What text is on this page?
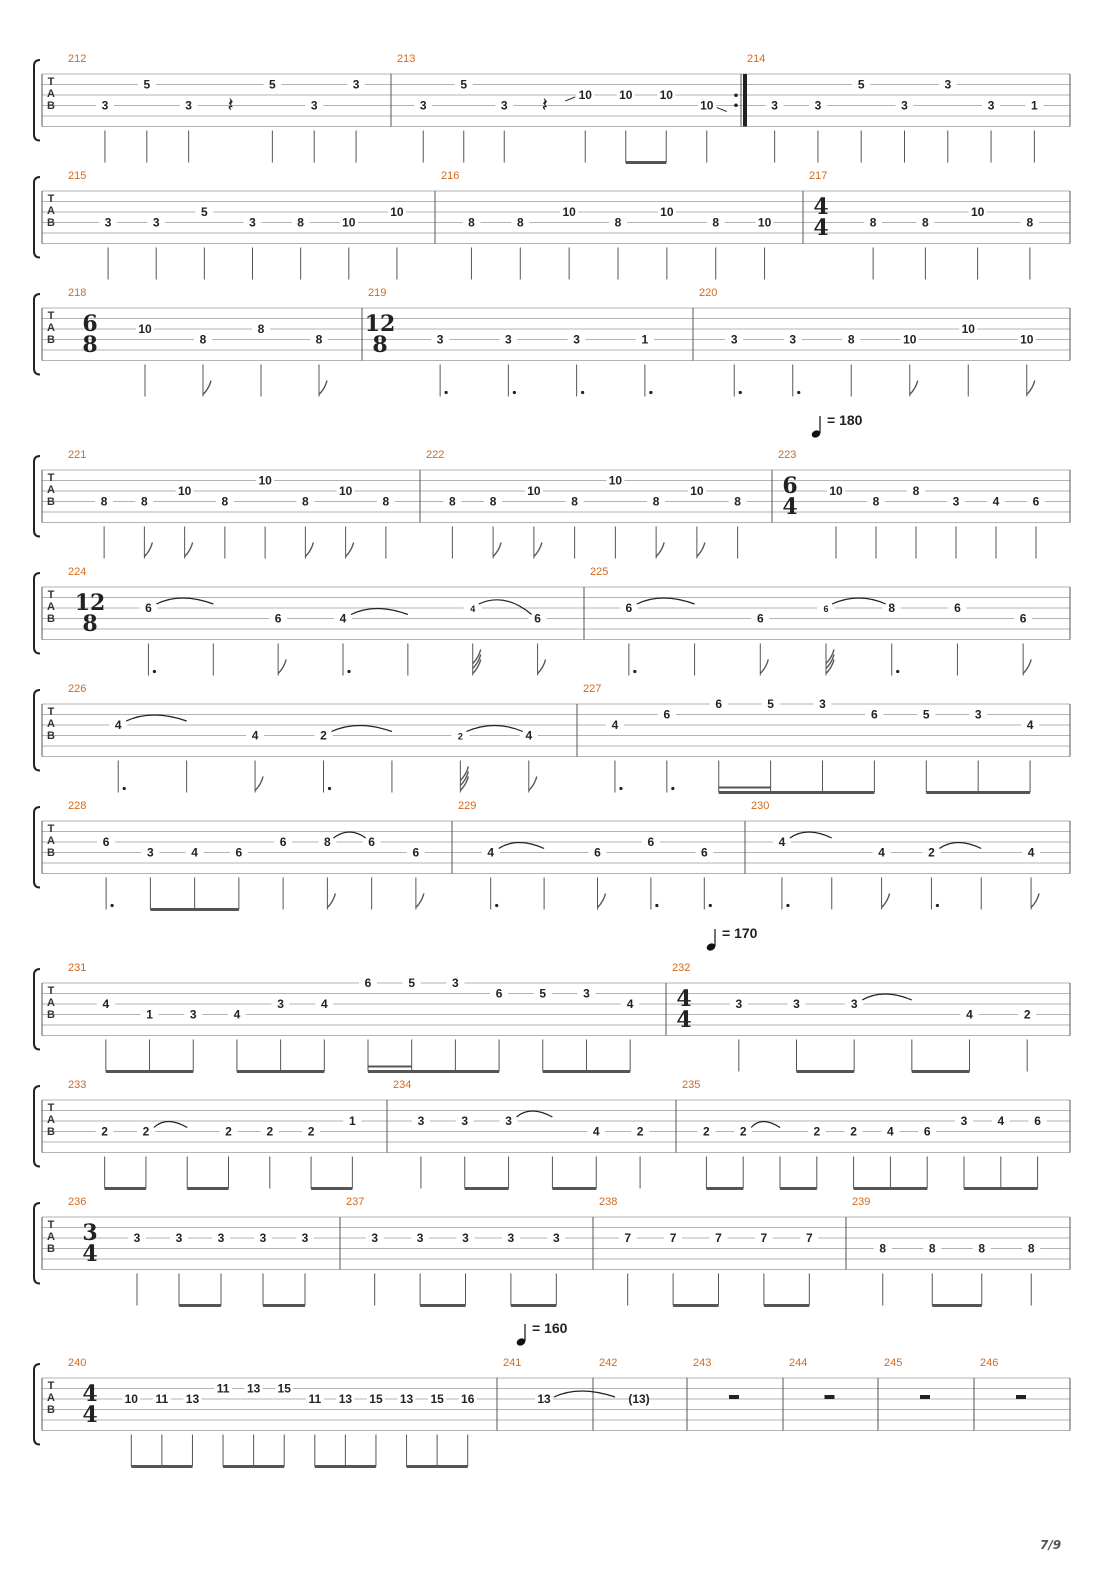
= 180
= 170
= 160
T
A
B
212
3
5
3 𝄽
5
3
3
213
3
5
3 𝄽	10 10 10
10
214
3	3
5
3
3
3	1
T
A
B
215
3	3
5
3	8	10
10
216
8	8
10
8
10
8	10
217
4
4	8	8
10
8
T
A
B
218
6
8
10
8
8
8
219
12
8	3	3	3	1
220
3	3	8	10
10
10
T
A
B
221
8	8
10
8
10
8
10
8
222
8	8
10
8
10
8
10
8
223
6
4
10
8
8
3	4	6
T
A
B
224
12
8
6
6	4
4
6
225
6
6
6	8	6
6
T
A
B
226
4
4	2	2	4
227
4
6
6	5	3
6	5	3
4
T
A
B
228
6
3	4	6
6	8	6
6
229
4	6
6
6
230
4
4	2	4
T
A
B
231
4
1	3	4
3	4
6	5	3
6	5	3
4
232
4
4
3	3	3
4	2
T
A
B
233
2	2	2	2	2
1
234
3	3	3
4	2
235
2	2	2	2	4	6
3	4	6
T
A
B
236
3
4
3	3	3	3	3
237
3	3	3	3	3
238
7	7	7	7	7
239
8	8	8	8
T
A
B
240
4
4
10 11 13
11 13 15
11 13 15 13 15 16
241
13
242
(13)
243	244	245	246
7/9
